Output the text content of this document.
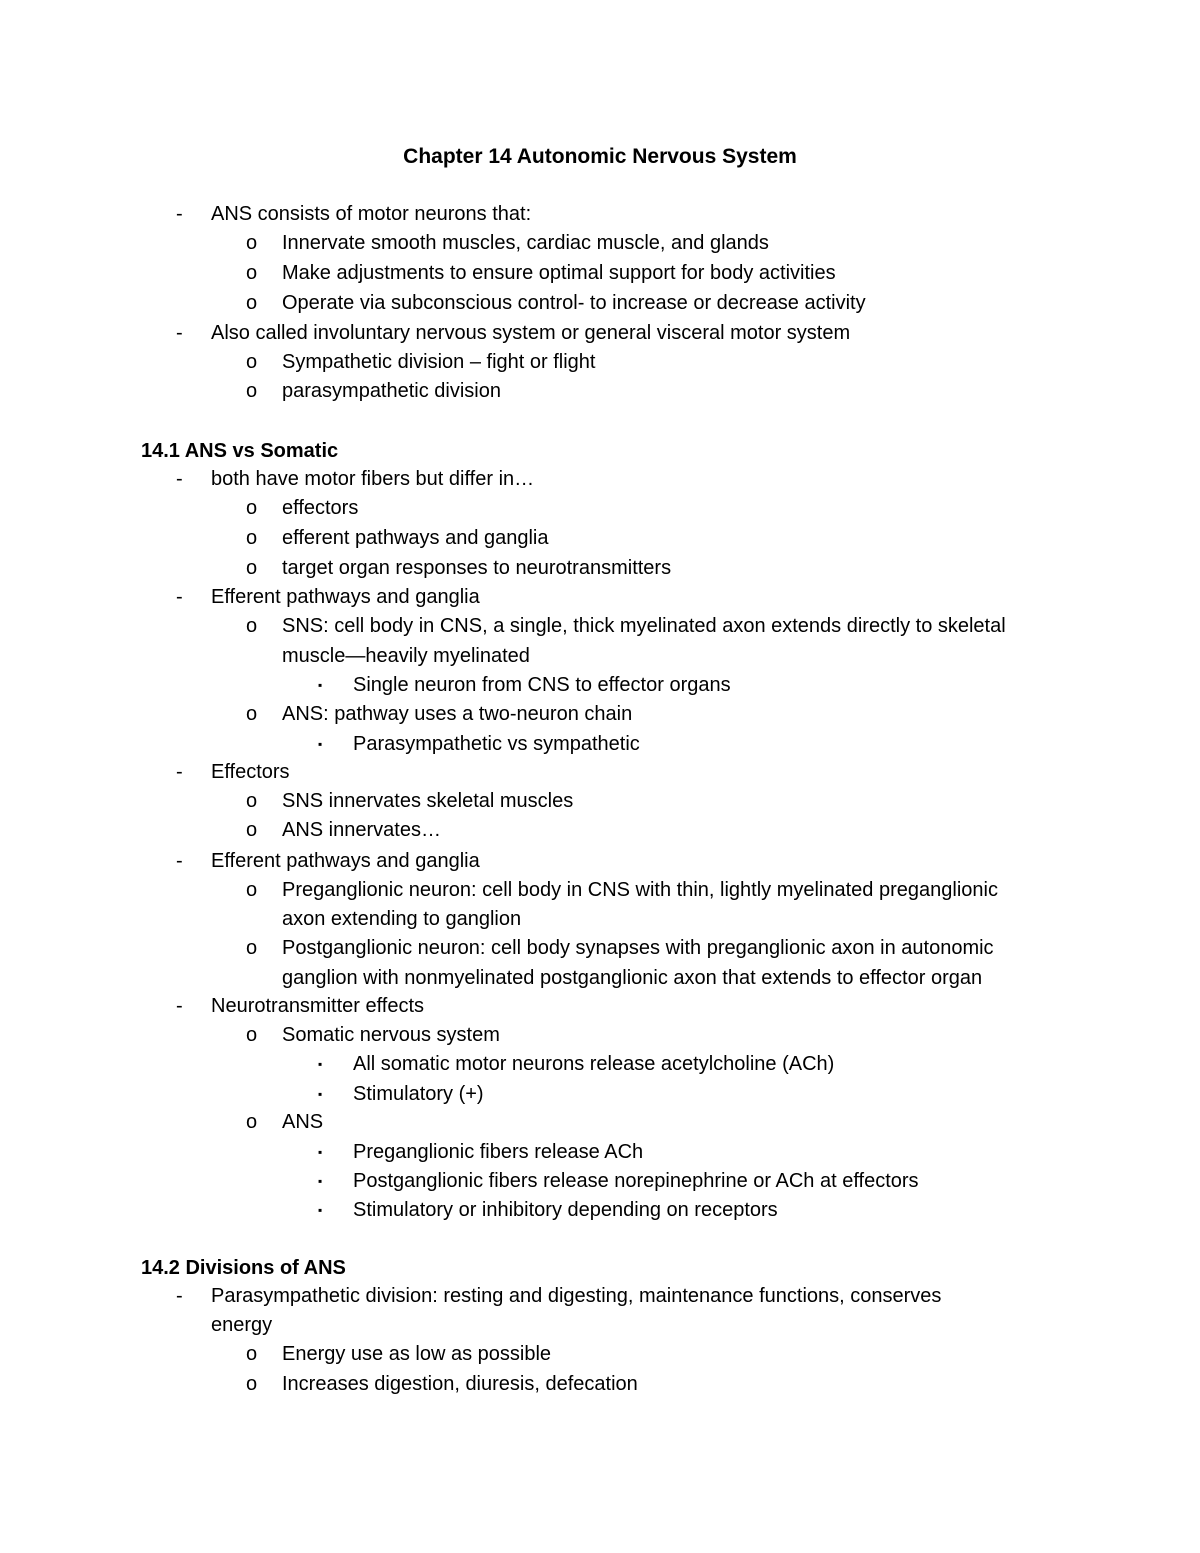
Chapter 14 Autonomic Nervous System
- ANS consists of motor neurons that:
o Innervate smooth muscles, cardiac muscle, and glands
o Make adjustments to ensure optimal support for body activities
o Operate via subconscious control- to increase or decrease activity
- Also called involuntary nervous system or general visceral motor system
o Sympathetic division – fight or flight
o parasympathetic division
14.1 ANS vs Somatic
- both have motor fibers but differ in…
o effectors
o efferent pathways and ganglia
o target organ responses to neurotransmitters
- Efferent pathways and ganglia
o SNS: cell body in CNS, a single, thick myelinated axon extends directly to skeletal
muscle—heavily myelinated
▪ Single neuron from CNS to effector organs
o ANS: pathway uses a two-neuron chain
▪ Parasympathetic vs sympathetic
- Effectors
o SNS innervates skeletal muscles
o ANS innervates…
- Efferent pathways and ganglia
o Preganglionic neuron: cell body in CNS with thin, lightly myelinated preganglionic
axon extending to ganglion
o Postganglionic neuron: cell body synapses with preganglionic axon in autonomic
ganglion with nonmyelinated postganglionic axon that extends to effector organ
- Neurotransmitter effects
o Somatic nervous system
▪ All somatic motor neurons release acetylcholine (ACh)
▪ Stimulatory (+)
o ANS
▪ Preganglionic fibers release ACh
▪ Postganglionic fibers release norepinephrine or ACh at effectors
▪ Stimulatory or inhibitory depending on receptors
14.2 Divisions of ANS
- Parasympathetic division: resting and digesting, maintenance functions, conserves
energy
o Energy use as low as possible
o Increases digestion, diuresis, defecation
